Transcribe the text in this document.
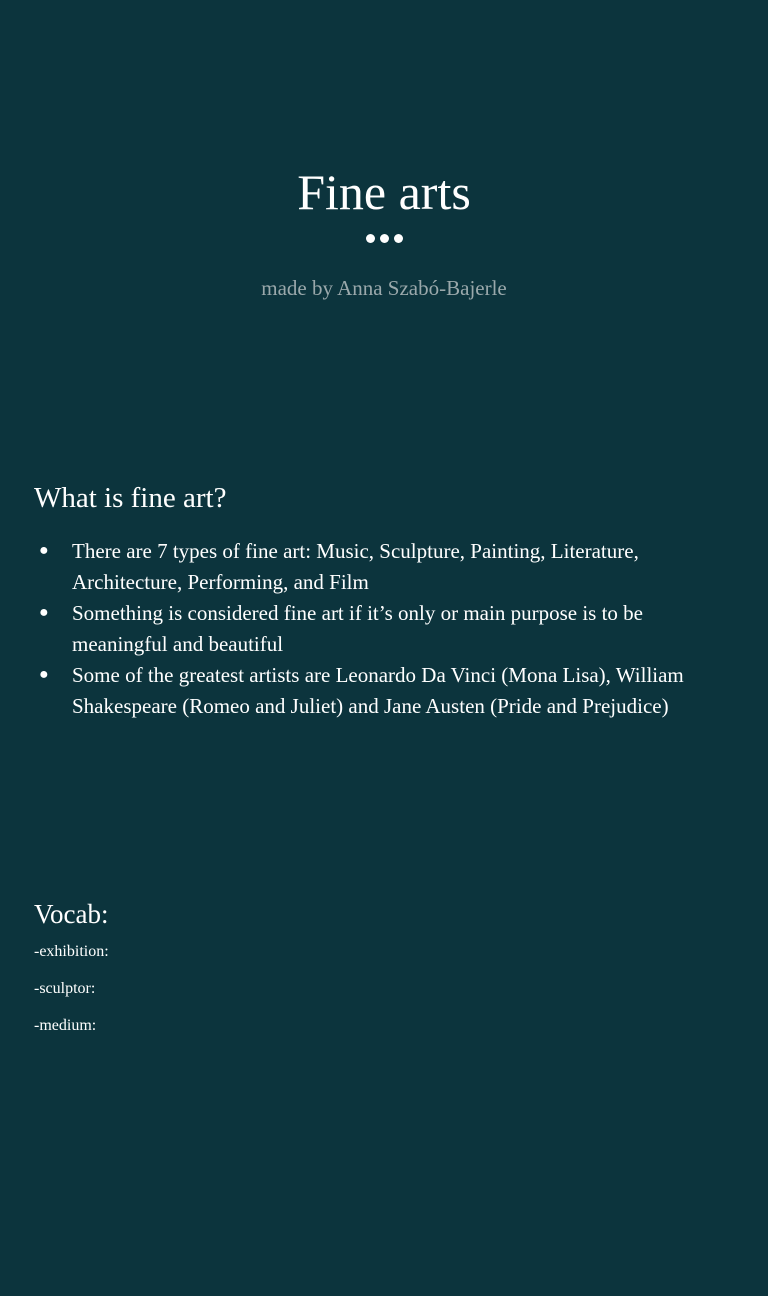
Fine arts
made by Anna Szabó-Bajerle
What is fine art?
● There are 7 types of fine art: Music, Sculpture, Painting, Literature, Architecture, Performing, and Film
● Something is considered fine art if it’s only or main purpose is to be meaningful and beautiful
● Some of the greatest artists are Leonardo Da Vinci (Mona Lisa), William Shakespeare (Romeo and Juliet) and Jane Austen (Pride and Prejudice)
Vocab:
-exhibition:
-sculptor:
-medium:
